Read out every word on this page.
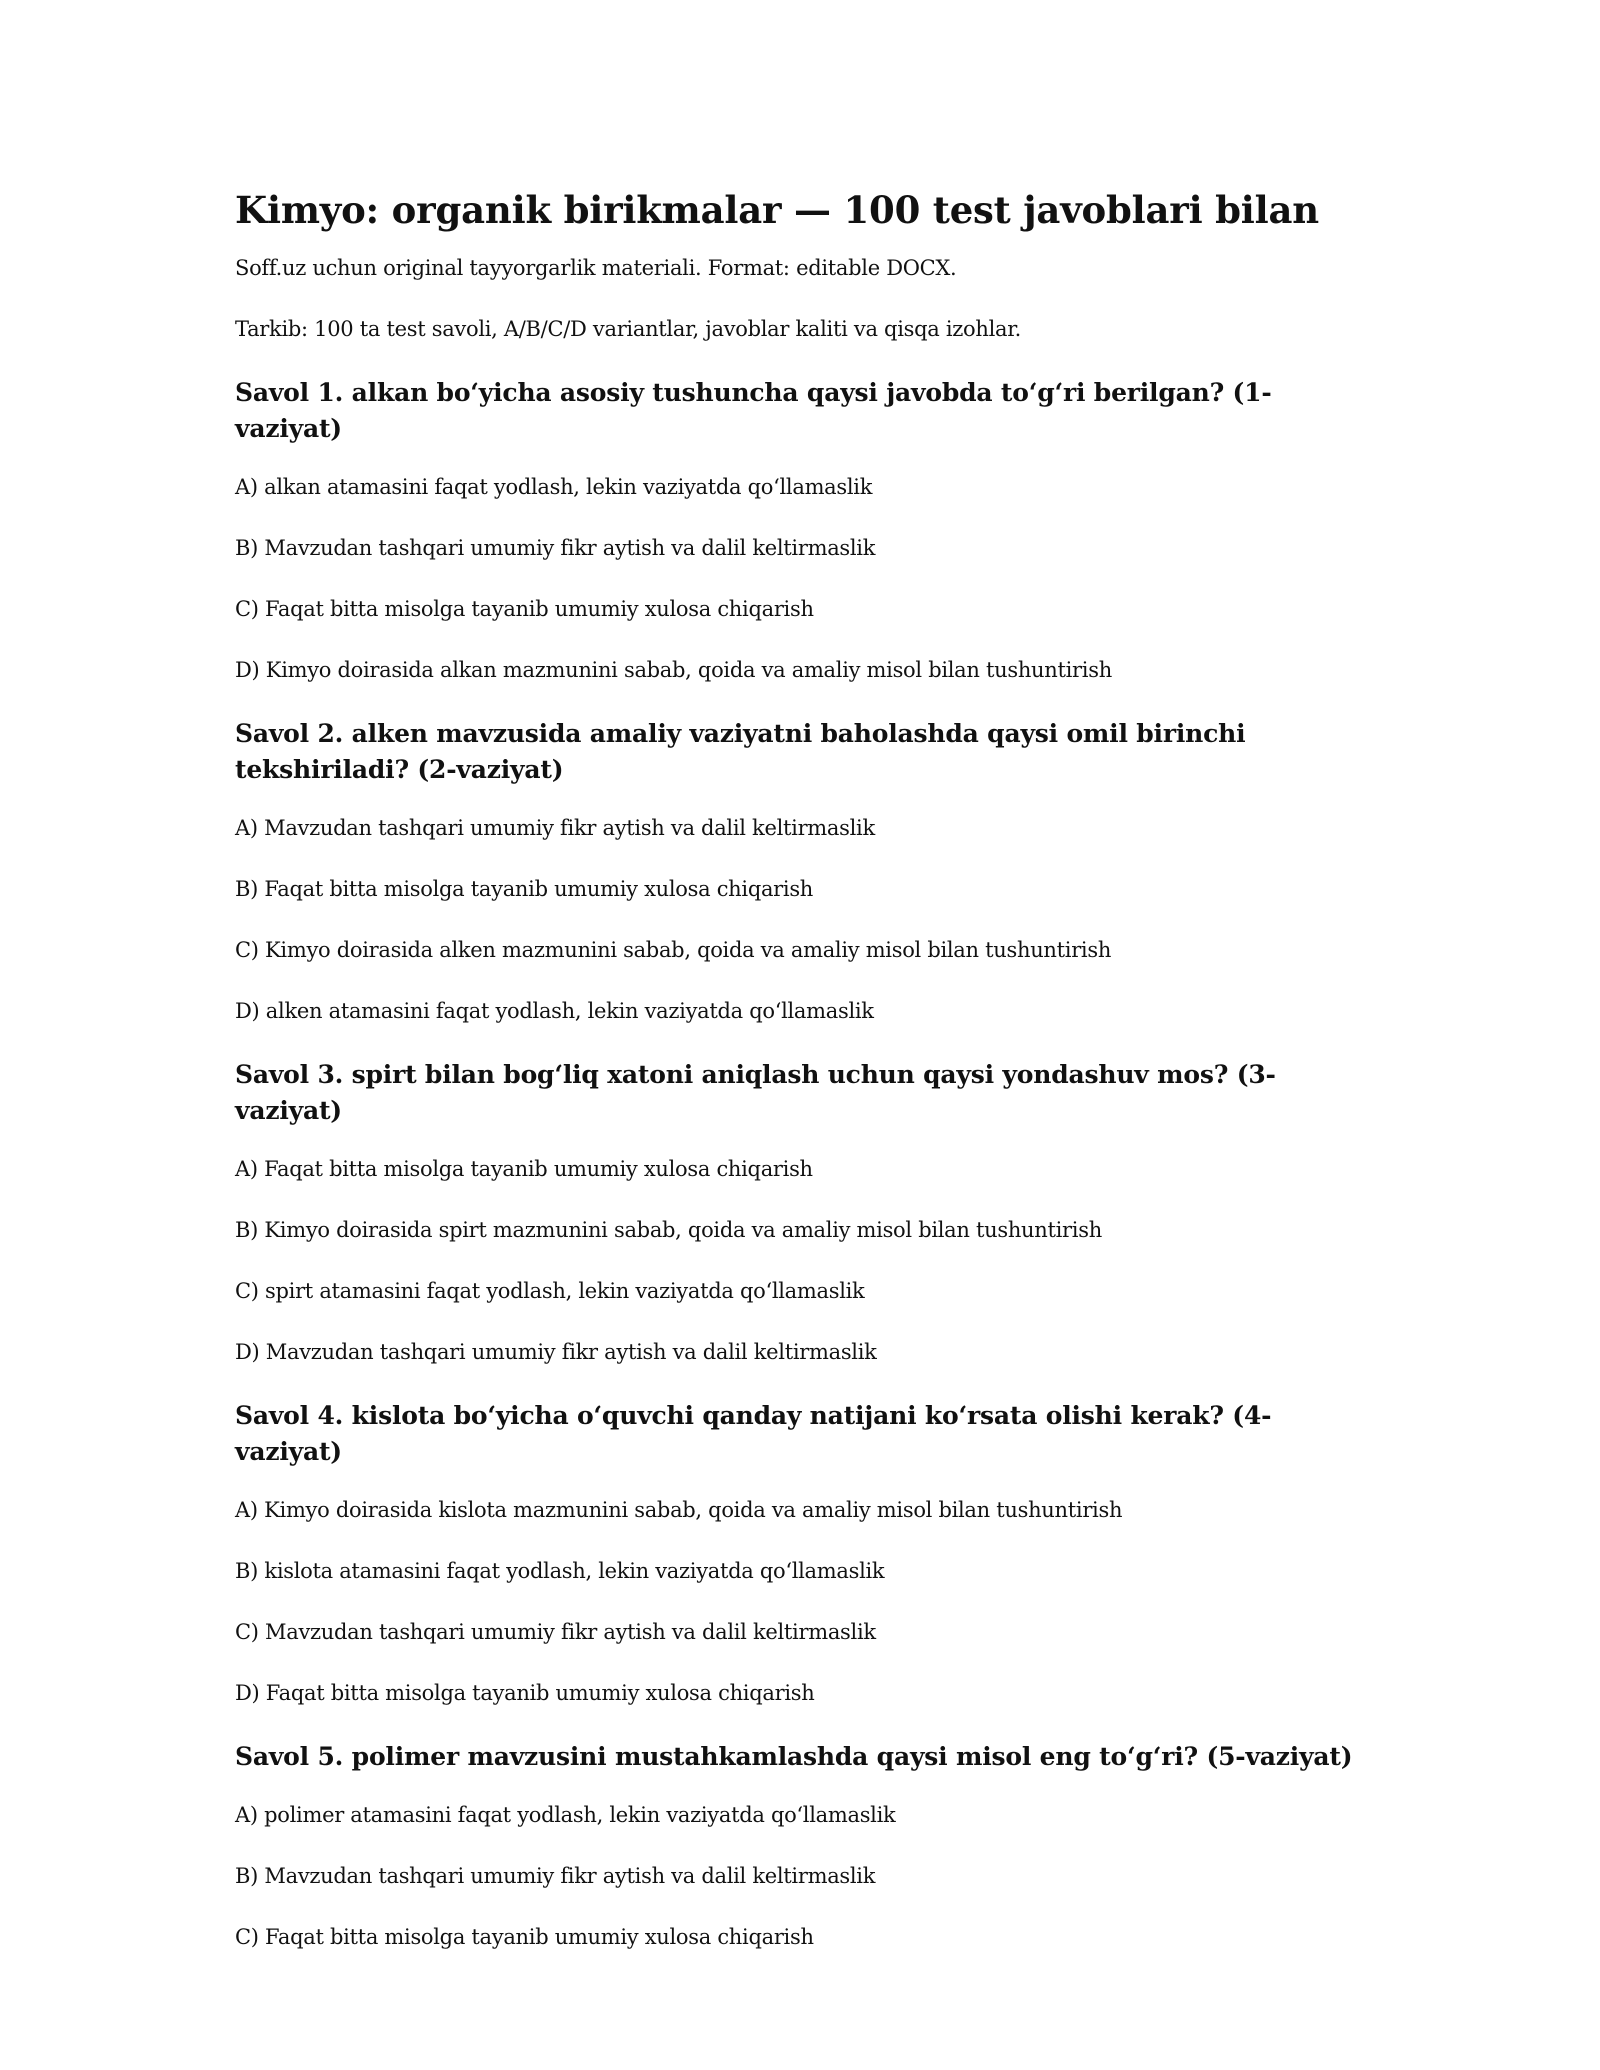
Kimyo: organik birikmalar — 100 test javoblari bilan

Soff.uz uchun original tayyorgarlik materiali. Format: editable DOCX.

Tarkib: 100 ta test savoli, A/B/C/D variantlar, javoblar kaliti va qisqa izohlar.

Savol 1. alkan bo‘yicha asosiy tushuncha qaysi javobda to‘g‘ri berilgan? (1-vaziyat)

A) alkan atamasini faqat yodlash, lekin vaziyatda qo‘llamaslik

B) Mavzudan tashqari umumiy fikr aytish va dalil keltirmaslik

C) Faqat bitta misolga tayanib umumiy xulosa chiqarish

D) Kimyo doirasida alkan mazmunini sabab, qoida va amaliy misol bilan tushuntirish

Savol 2. alken mavzusida amaliy vaziyatni baholashda qaysi omil birinchi tekshiriladi? (2-vaziyat)

A) Mavzudan tashqari umumiy fikr aytish va dalil keltirmaslik

B) Faqat bitta misolga tayanib umumiy xulosa chiqarish

C) Kimyo doirasida alken mazmunini sabab, qoida va amaliy misol bilan tushuntirish

D) alken atamasini faqat yodlash, lekin vaziyatda qo‘llamaslik

Savol 3. spirt bilan bog‘liq xatoni aniqlash uchun qaysi yondashuv mos? (3-vaziyat)

A) Faqat bitta misolga tayanib umumiy xulosa chiqarish

B) Kimyo doirasida spirt mazmunini sabab, qoida va amaliy misol bilan tushuntirish

C) spirt atamasini faqat yodlash, lekin vaziyatda qo‘llamaslik

D) Mavzudan tashqari umumiy fikr aytish va dalil keltirmaslik

Savol 4. kislota bo‘yicha o‘quvchi qanday natijani ko‘rsata olishi kerak? (4-vaziyat)

A) Kimyo doirasida kislota mazmunini sabab, qoida va amaliy misol bilan tushuntirish

B) kislota atamasini faqat yodlash, lekin vaziyatda qo‘llamaslik

C) Mavzudan tashqari umumiy fikr aytish va dalil keltirmaslik

D) Faqat bitta misolga tayanib umumiy xulosa chiqarish

Savol 5. polimer mavzusini mustahkamlashda qaysi misol eng to‘g‘ri? (5-vaziyat)

A) polimer atamasini faqat yodlash, lekin vaziyatda qo‘llamaslik

B) Mavzudan tashqari umumiy fikr aytish va dalil keltirmaslik

C) Faqat bitta misolga tayanib umumiy xulosa chiqarish
